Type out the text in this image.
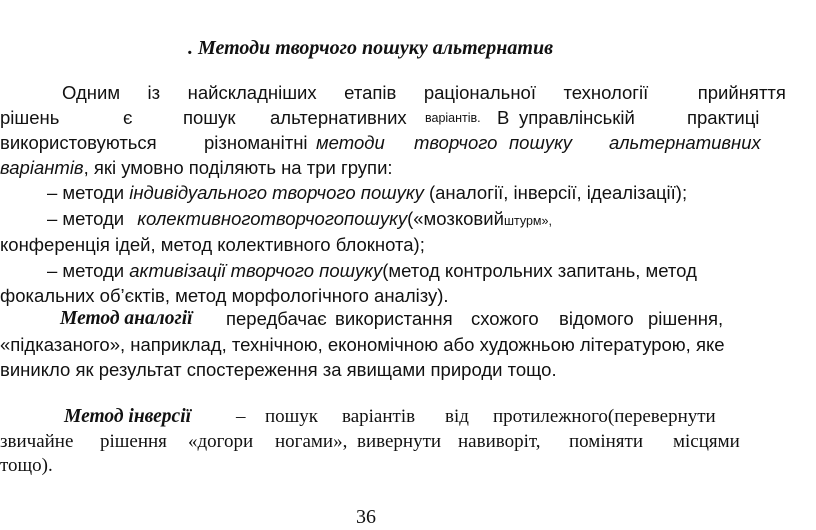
. Методи творчого пошуку альтернатив
Одним із найскладніших етапів раціональної технології	прийняття
рішень	є	пошук альтернативних варіантів. В управлінській	практиці
використовуються	різноманітні методи творчого пошуку альтернативних
варіантів, які умовно поділяють на три групи:
– методи індивідуального творчого пошуку (аналогії, інверсії, ідеалізації);
– методи колективноготворчогопошуку(«мозковийштурм»,
конференція ідей, метод колективного блокнота);
– методи активізації творчого пошуку(метод контрольних запитань, метод
фокальних об’єктів, метод морфологічного аналізу).
Метод аналогії передбачає використання схожого відомого рішення,
«підказаного», наприклад, технічною, економічною або художньою літературою, яке
виникло як результат спостереження за явищами природи тощо.
Метод інверсії – пошук варіантів від протилежного(перевернути
звичайне рішення «догори ногами», вивернути навиворіт, поміняти місцями
тощо).
36
